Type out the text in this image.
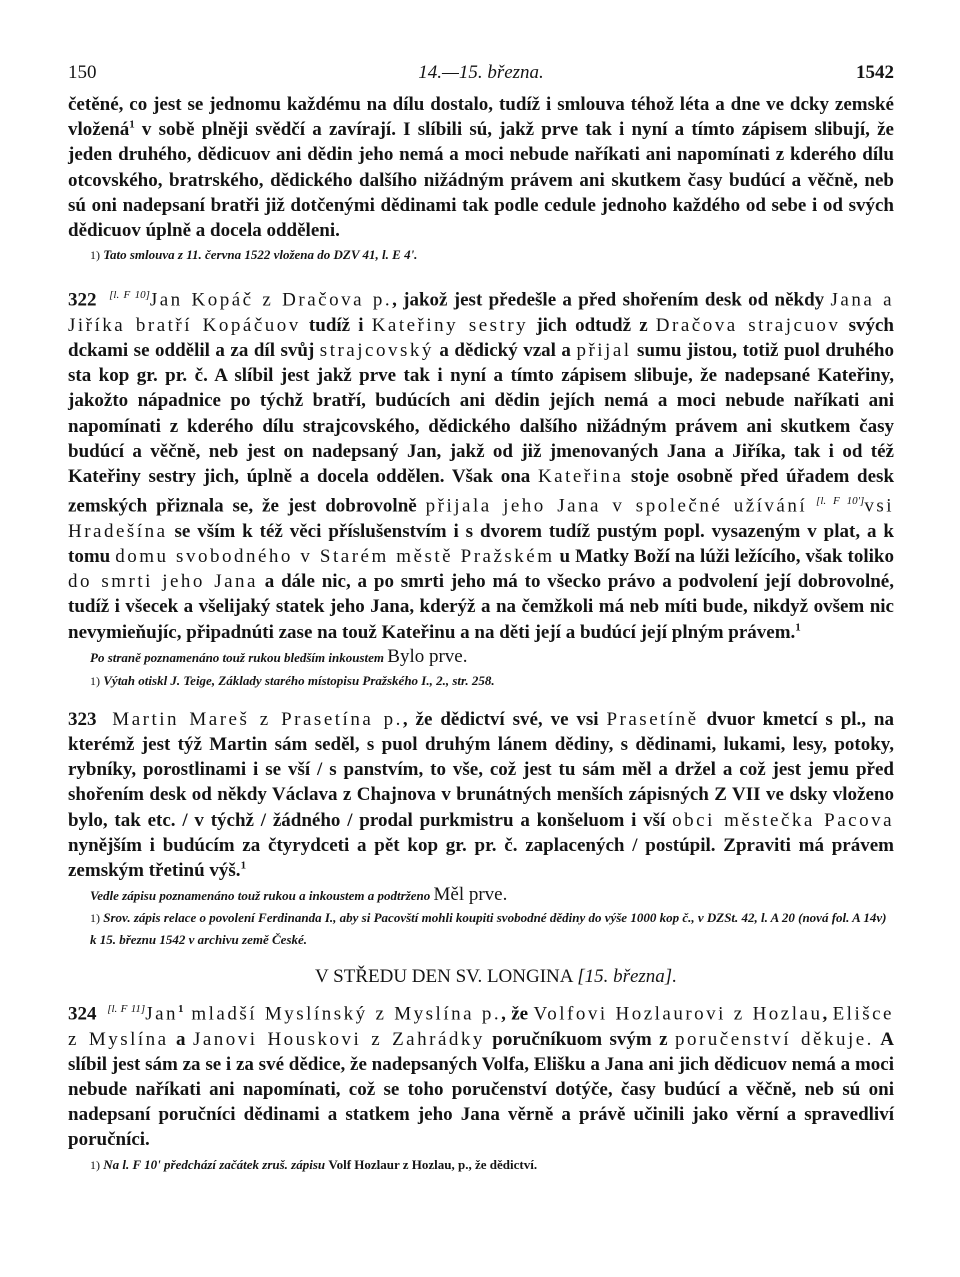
150	14.—15. března.	1542

četěné, co jest se jednomu každému na dílu dostalo, tudíž i smlouva téhož léta a dne ve dcky zemské vložená$^1$ v sobě plněji svědčí a zavírají. I slíbili sú, jakž prve tak i nyní a tímto zápisem slibují, že jeden druhého, dědicuov ani dědin jeho nemá a moci nebude naříkati ani napomínati z kderého dílu otcovského, bratrského, dědického dalšího nižádným právem ani skutkem časy budúcí a věčně, neb sú oni nadepsaní bratři již dotčenými dědinami tak podle cedule jednoho každého od sebe i od svých dědicuov úplně a docela odděleni.

1) Tato smlouva z 11. června 1522 vložena do DZV 41, l. E 4'.

322 [l. F 10]Jan Kopáč z Dračova p., jakož jest předešle a před shořením desk od někdy Jana a Jiříka bratří Kopáčuov tudíž i Kateřiny sestry jich odtudž z Dračova strajcuov svých dckami se oddělil a za díl svůj strajcovský a dědický vzal a přijal sumu jistou, totiž puol druhého sta kop gr. pr. č. A slíbil jest jakž prve tak i nyní a tímto zápisem slibuje, že nadepsané Kateřiny, jakožto nápadnice po týchž bratří, budúcích ani dědin jejích nemá a moci nebude naříkati ani napomínati z kderého dílu strajcovského, dědického dalšího nižádným právem ani skutkem časy budúcí a věčně, neb jest on nadepsaný Jan, jakž od již jmenovaných Jana a Jiříka, tak i od též Kateřiny sestry jich, úplně a docela oddělen. Však ona Kateřina stoje osobně před úřadem desk zemských přiznala se, že jest dobrovolně přijala jeho Jana v společné užívání [l. F 10']vsi Hradešína se vším k též věci příslušenstvím i s dvorem tudíž pustým popl. vysazeným v plat, a k tomu domu svobodného v Starém městě Pražském u Matky Boží na lúži ležícího, však toliko do smrti jeho Jana a dále nic, a po smrti jeho má to všecko právo a podvolení její dobrovolné, tudíž i všecek a všelijaký statek jeho Jana, kderýž a na čemžkoli má neb míti bude, nikdyž ovšem nic nevymieňujíc, připadnúti zase na touž Kateřinu a na děti její a budúcí její plným právem.$^1$

Po straně poznamenáno touž rukou bledším inkoustem Bylo prve.

1) Výtah otiskl J. Teige, Základy starého místopisu Pražského I., 2., str. 258.

323 Martin Mareš z Prasetína p., že dědictví své, ve vsi Prasetíně dvuor kmetcí s pl., na kterémž jest týž Martin sám seděl, s puol druhým lánem dědiny, s dědinami, lukami, lesy, potoky, rybníky, porostlinami i se vší / s panstvím, to vše, což jest tu sám měl a držel a což jest jemu před shořením desk od někdy Václava z Chajnova v brunátných menších zápisných Z VII ve dsky vloženo bylo, tak etc. / v týchž / žádného / prodal purkmistru a konšeluom i vší obci městečka Pacova nynějším i budúcím za čtyrydceti a pět kop gr. pr. č. zaplacených / postúpil. Zpraviti má právem zemským třetinú výš.$^1$

Vedle zápisu poznamenáno touž rukou a inkoustem a podtrženo Měl prve.

1) Srov. zápis relace o povolení Ferdinanda I., aby si Pacovští mohli koupiti svobodné dědiny do výše 1000 kop č., v DZSt. 42, l. A 20 (nová fol. A 14v) k 15. březnu 1542 v archivu země České.

V STŘEDU DEN SV. LONGINA [15. března].

324 [l. F 11]Jan$^1$ mladší Myslínský z Myslína p., že Volfovi Hozlaurovi z Hozlau, Elišce z Myslína a Janovi Houskovi z Zahrádky poručníkuom svým z poručenství děkuje. A slíbil jest sám za se i za své dědice, že nadepsaných Volfa, Elišku a Jana ani jich dědicuov nemá a moci nebude naříkati ani napomínati, což se toho poručenství dotýče, časy budúcí a věčně, neb sú oni nadepsaní poručníci dědinami a statkem jeho Jana věrně a právě učinili jako věrní a spravedliví poručníci.

1) Na l. F 10' předchází začátek zruš. zápisu Volf Hozlaur z Hozlau, p., že dědictví.
